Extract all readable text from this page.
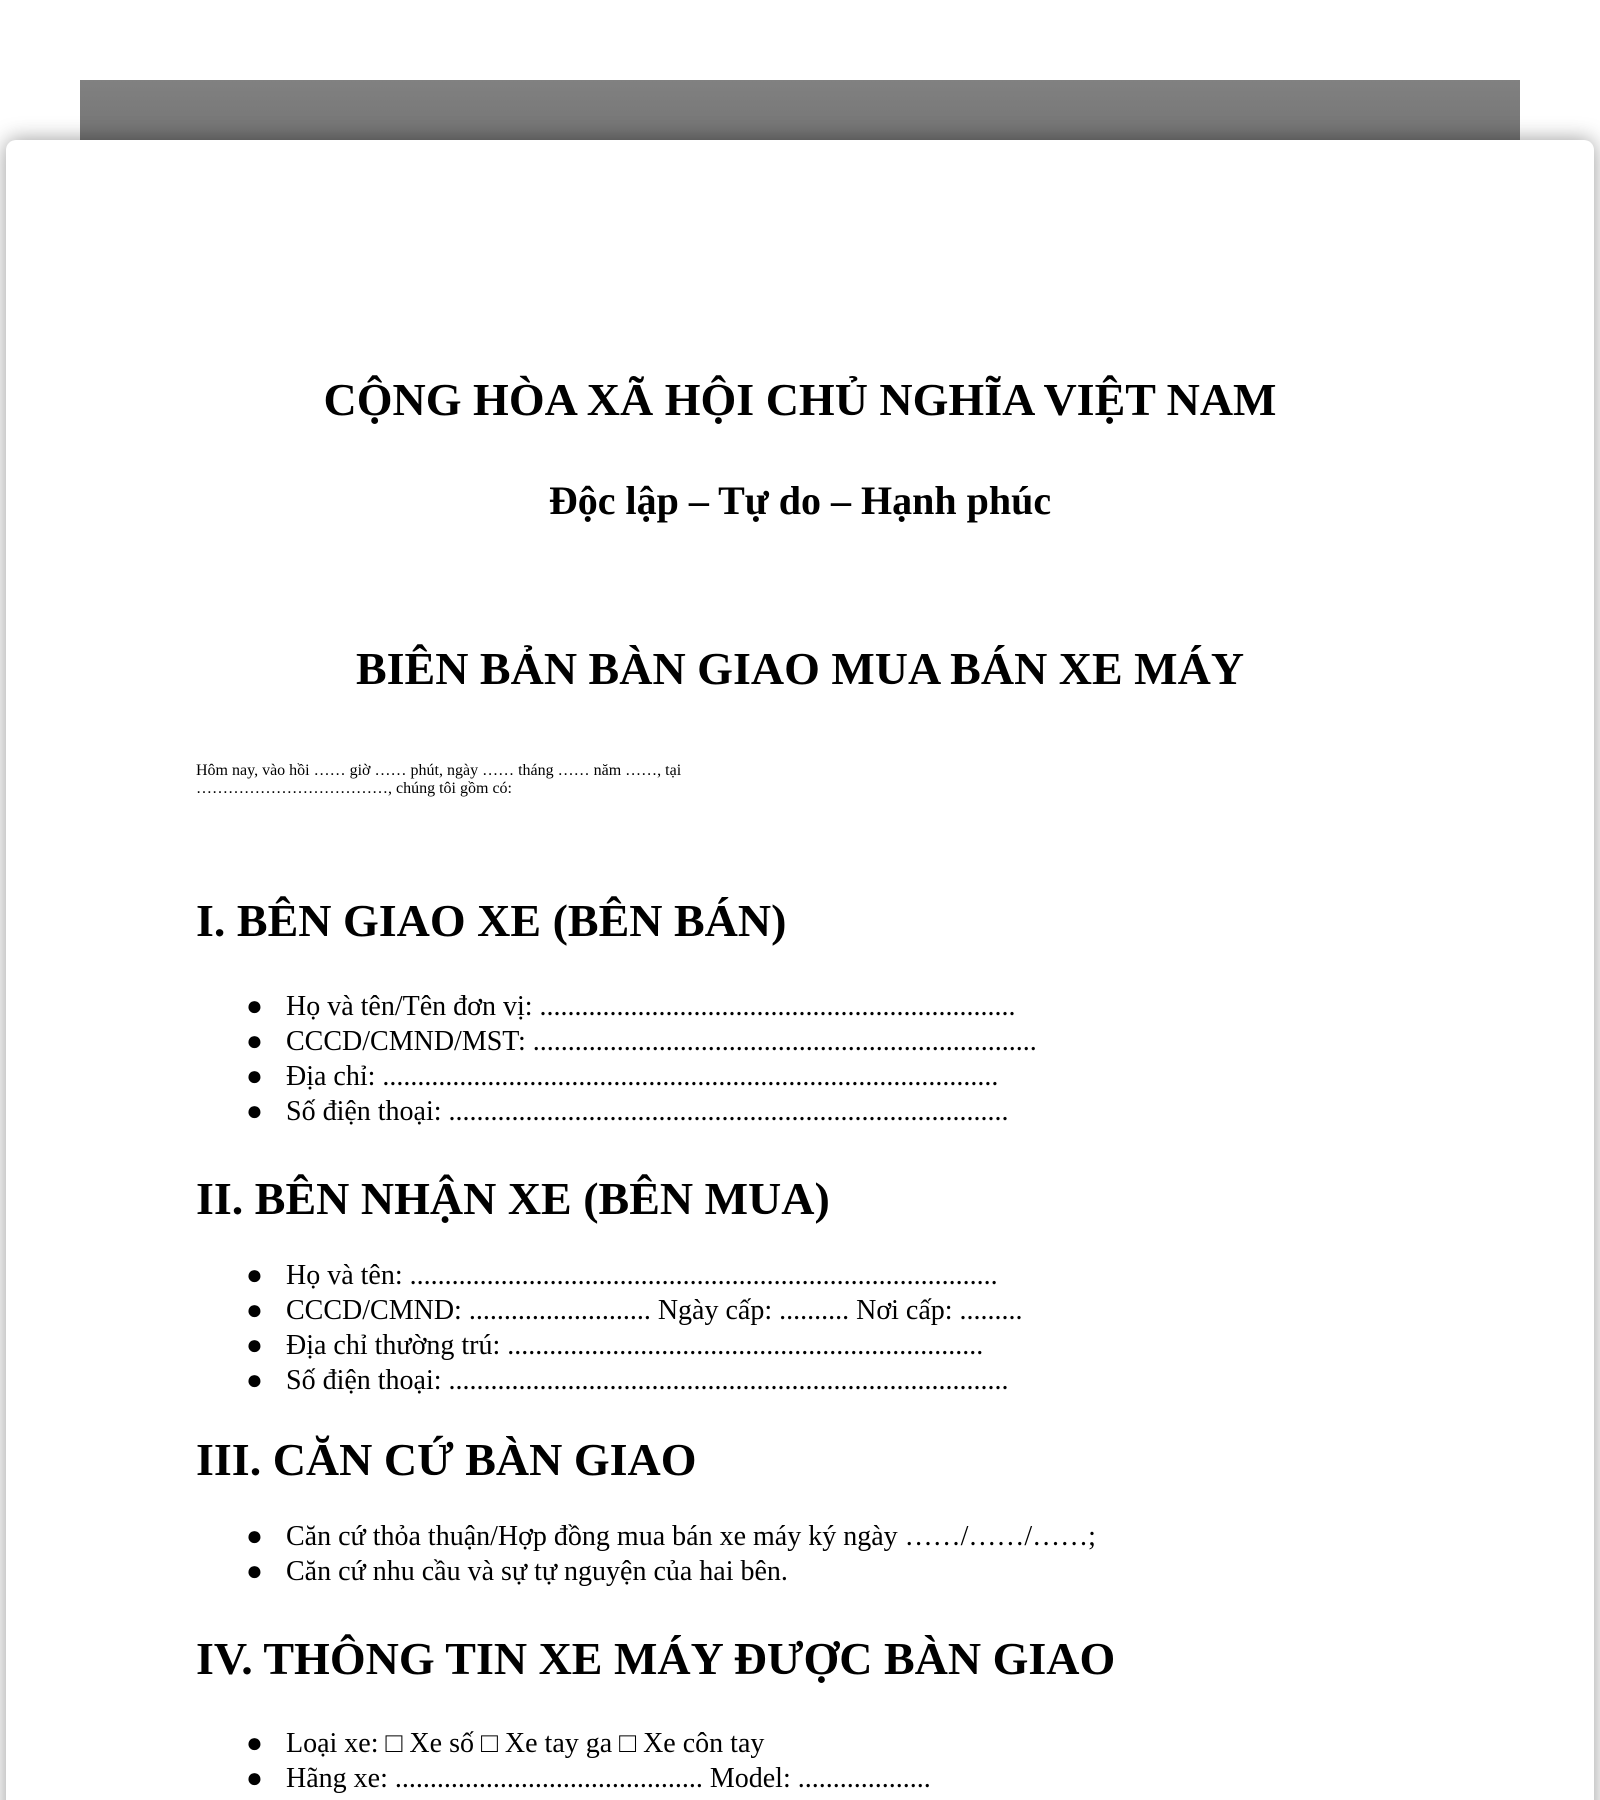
CỘNG HÒA XÃ HỘI CHỦ NGHĨA VIỆT NAM
Độc lập – Tự do – Hạnh phúc
BIÊN BẢN BÀN GIAO MUA BÁN XE MÁY

Hôm nay, vào hồi …… giờ …… phút, ngày …… tháng …… năm ……, tại
………………………………, chúng tôi gồm có:

I. BÊN GIAO XE (BÊN BÁN)
● Họ và tên/Tên đơn vị: ....................................................................
● CCCD/CMND/MST: ........................................................................
● Địa chỉ: ........................................................................................
● Số điện thoại: ................................................................................
II. BÊN NHẬN XE (BÊN MUA)
● Họ và tên: ....................................................................................
● CCCD/CMND: .......................... Ngày cấp: .......... Nơi cấp: .........
● Địa chỉ thường trú: ....................................................................
● Số điện thoại: ................................................................................
III. CĂN CỨ BÀN GIAO
● Căn cứ thỏa thuận/Hợp đồng mua bán xe máy ký ngày ……/……/……;
● Căn cứ nhu cầu và sự tự nguyện của hai bên.
IV. THÔNG TIN XE MÁY ĐƯỢC BÀN GIAO
● Loại xe: □ Xe số □ Xe tay ga □ Xe côn tay
● Hãng xe: ............................................ Model: ...................
